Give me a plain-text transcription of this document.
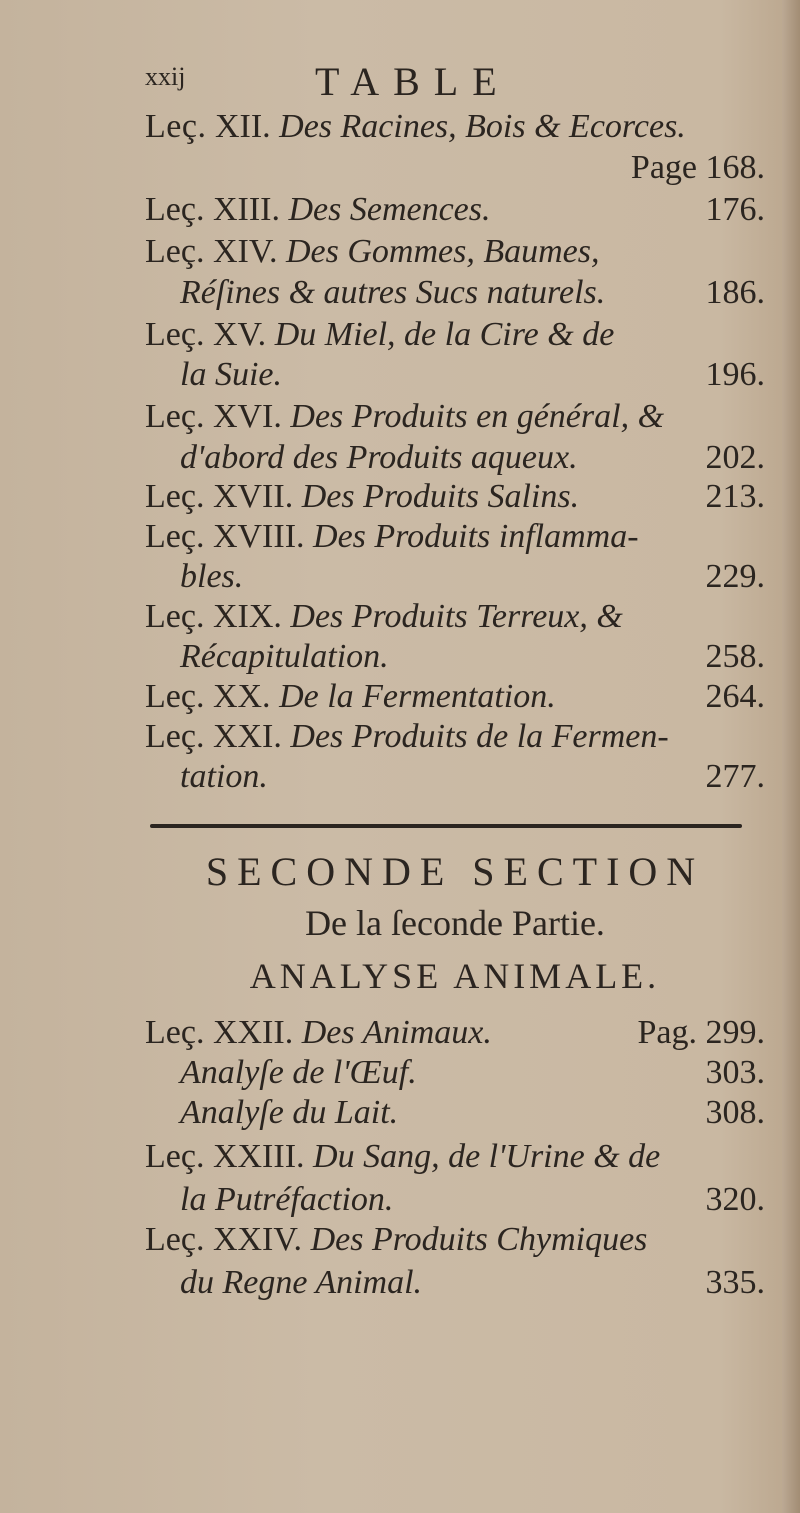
xxij	TABLE
Leç. XII. Des Racines, Bois & Ecorces.
Page 168.
Leç. XIII. Des Semences.	176.
Leç. XIV. Des Gommes, Baumes,
Réſines & autres Sucs naturels.	186.
Leç. XV. Du Miel, de la Cire & de
la Suie.	196.
Leç. XVI. Des Produits en général, &
d'abord des Produits aqueux.	202.
Leç. XVII. Des Produits Salins.	213.
Leç. XVIII. Des Produits inflamma-
bles.	229.
Leç. XIX. Des Produits Terreux, &
Récapitulation.	258.
Leç. XX. De la Fermentation.	264.
Leç. XXI. Des Produits de la Fermen-
tation.	277.
SECONDE SECTION
De la ſeconde Partie.
ANALYSE ANIMALE.
Leç. XXII. Des Animaux.	Pag. 299.
Analyſe de l'Œuf.	303.
Analyſe du Lait.	308.
Leç. XXIII. Du Sang, de l'Urine & de
la Putréfaction.	320.
Leç. XXIV. Des Produits Chymiques
du Regne Animal.	335.
